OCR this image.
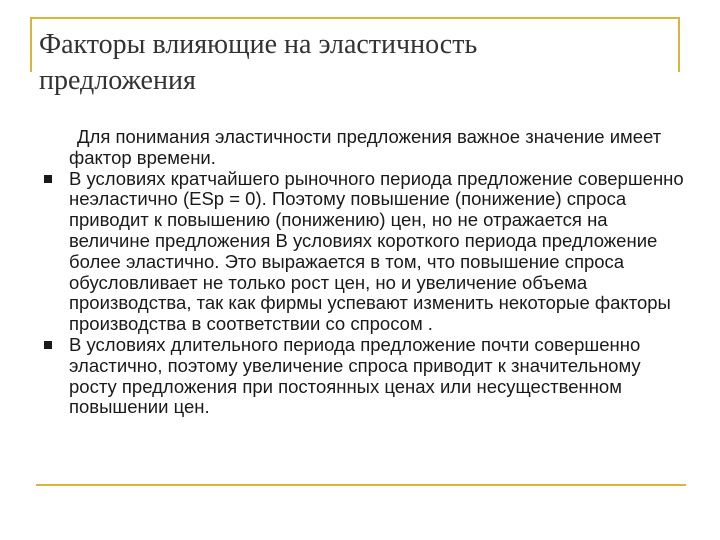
Факторы влияющие на эластичность
предложения
Для понимания эластичности предложения важное значение имеет фактор времени.
В условиях кратчайшего рыночного периода предложение совершенно неэластично (ESp = 0). Поэтому повышение (понижение) спроса приводит к повышению (понижению) цен, но не отражается на величине предложения В условиях короткого периода предложение более эластично. Это выражается в том, что повышение спроса обусловливает не только рост цен, но и увеличение объема производства, так как фирмы успевают изменить некоторые факторы производства в соответствии со спросом .
В условиях длительного периода предложение почти совершенно эластично, поэтому увеличение спроса приводит к значительному росту предложения при постоянных ценах или несущественном повышении цен.
